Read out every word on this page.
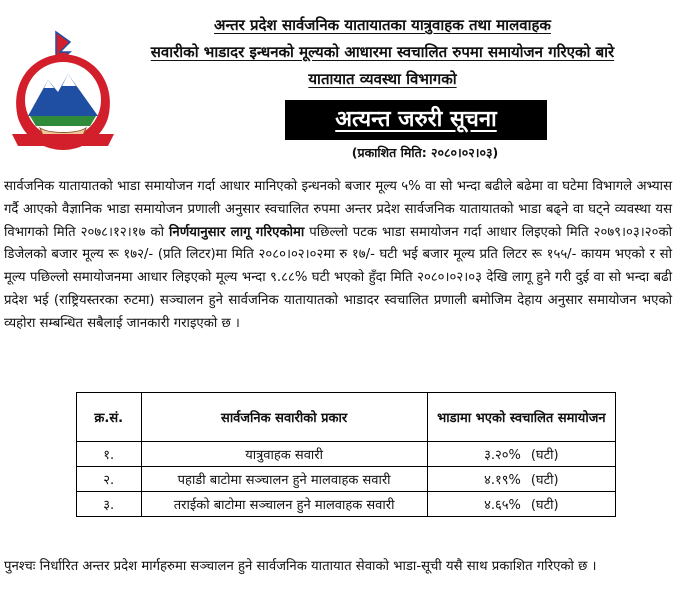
अन्तर प्रदेश सार्वजनिक यातायातका यात्रुवाहक तथा मालवाहक
सवारीको भाडादर इन्धनको मूल्यको आधारमा स्वचालित रुपमा समायोजन गरिएको बारे
यातायात व्यवस्था विभागको
अत्यन्त जरुरी सूचना
(प्रकाशित मिति: २०८०।०२।०३)
सार्वजनिक यातायातको भाडा समायोजन गर्दा आधार मानिएको इन्धनको बजार मूल्य ५% वा सो भन्दा बढीले बढेमा वा घटेमा विभागले अभ्यास गर्दै आएको वैज्ञानिक भाडा समायोजन प्रणाली अनुसार स्वचालित रुपमा अन्तर प्रदेश सार्वजनिक यातायातको भाडा बढ्ने वा घट्ने व्यवस्था यस विभागको मिति २०७८।१२।१७ को निर्णयानुसार लागू गरिएकोमा पछिल्लो पटक भाडा समायोजन गर्दा आधार लिइएको मिति २०७९।०३।२०को डिजेलको बजार मूल्य रू १७२/- (प्रति लिटर)मा मिति २०८०।०२।०२मा रु १७/- घटी भई बजार मूल्य प्रति लिटर रू १५५/- कायम भएको र सो मूल्य पछिल्लो समायोजनमा आधार लिइएको मूल्य भन्दा ९.८८% घटी भएको हुँदा मिति २०८०।०२।०३ देखि लागू हुने गरी दुई वा सो भन्दा बढी प्रदेश भई (राष्ट्रियस्तरका रुटमा) सञ्चालन हुने सार्वजनिक यातायातको भाडादर स्वचालित प्रणाली बमोजिम देहाय अनुसार समायोजन भएको व्यहोरा सम्बन्धित सबैलाई जानकारी गराइएको छ ।
क्र.सं.	सार्वजनिक सवारीको प्रकार	भाडामा भएको स्वचालित समायोजन
१.	यात्रुवाहक सवारी	३.२०% (घटी)
२.	पहाडी बाटोमा सञ्चालन हुने मालवाहक सवारी	४.१९% (घटी)
३.	तराईको बाटोमा सञ्चालन हुने मालवाहक सवारी	४.६५% (घटी)
पुनश्चः निर्धारित अन्तर प्रदेश मार्गहरुमा सञ्चालन हुने सार्वजनिक यातायात सेवाको भाडा-सूची यसै साथ प्रकाशित गरिएको छ ।
